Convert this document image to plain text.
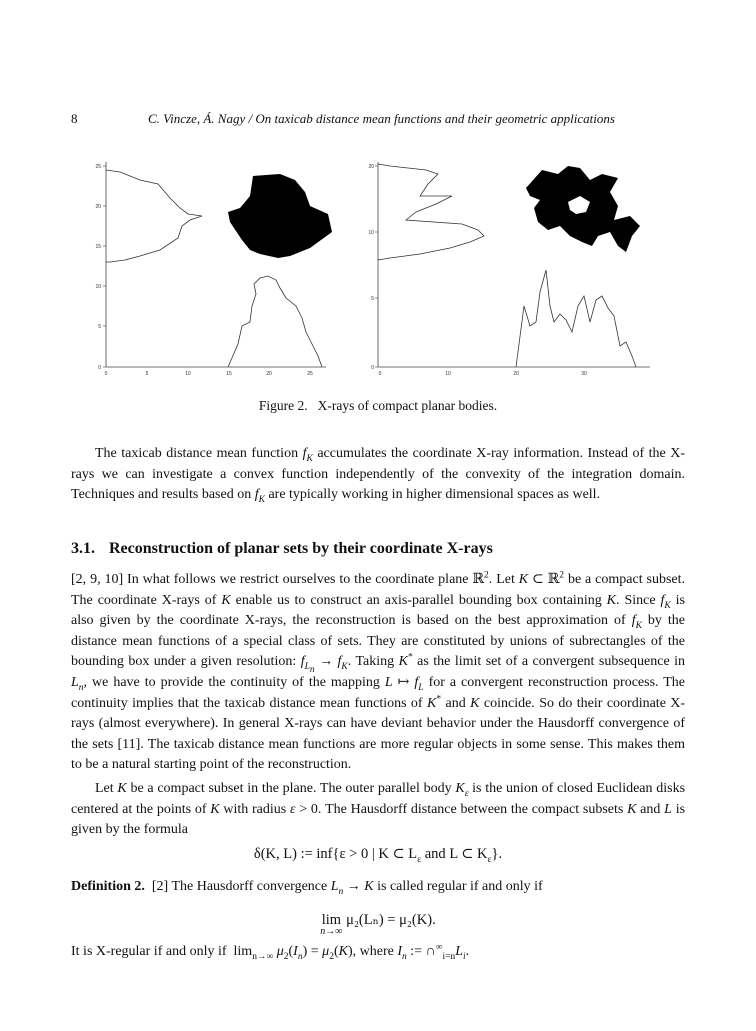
8	C. Vincze, Á. Nagy / On taxicab distance mean functions and their geometric applications
25
20
15
10
5
0
0	5	10	15	20	25
20
10
5
0
0	10	20	30
Figure 2. X-rays of compact planar bodies.

The taxicab distance mean function $f_K$ accumulates the coordinate X-ray information. Instead of the X-rays we can investigate a convex function independently of the convexity of the integration domain. Techniques and results based on $f_K$ are typically working in higher dimensional spaces as well.

3.1. Reconstruction of planar sets by their coordinate X-rays

[2, 9, 10] In what follows we restrict ourselves to the coordinate plane ℝ$^2$. Let K ⊂ ℝ$^2$ be a compact subset. The coordinate X-rays of K enable us to construct an axis-parallel bounding box containing K. Since $f_K$ is also given by the coordinate X-rays, the reconstruction is based on the best approximation of $f_K$ by the distance mean functions of a special class of sets. They are constituted by unions of subrectangles of the bounding box under a given resolution: $f_{L_n} \to f_K$. Taking K* as the limit set of a convergent subsequence in $L_n$, we have to provide the continuity of the mapping L ↦ $f_L$ for a convergent reconstruction process. The continuity implies that the taxicab distance mean functions of K* and K coincide. So do their coordinate X-rays (almost everywhere). In general X-rays can have deviant behavior under the Hausdorff convergence of the sets [11]. The taxicab distance mean functions are more regular objects in some sense. This makes them to be a natural starting point of the reconstruction.

Let K be a compact subset in the plane. The outer parallel body $K_\varepsilon$ is the union of closed Euclidean disks centered at the points of K with radius ε > 0. The Hausdorff distance between the compact subsets K and L is given by the formula

δ(K, L) := inf{ε > 0 | K ⊂ $L_\varepsilon$ and L ⊂ $K_\varepsilon$}.
Definition 2. [2] The Hausdorff convergence $L_n \to K$ is called regular if and only if
lim
n→∞
μ₂(Lₙ) = μ₂(K).
It is X-regular if and only if  $\lim_{n\to\infty} \mu_2(I_n) = \mu_2(K)$, where $I_n$ := $\cap^\infty_{i=n}L_i$.
